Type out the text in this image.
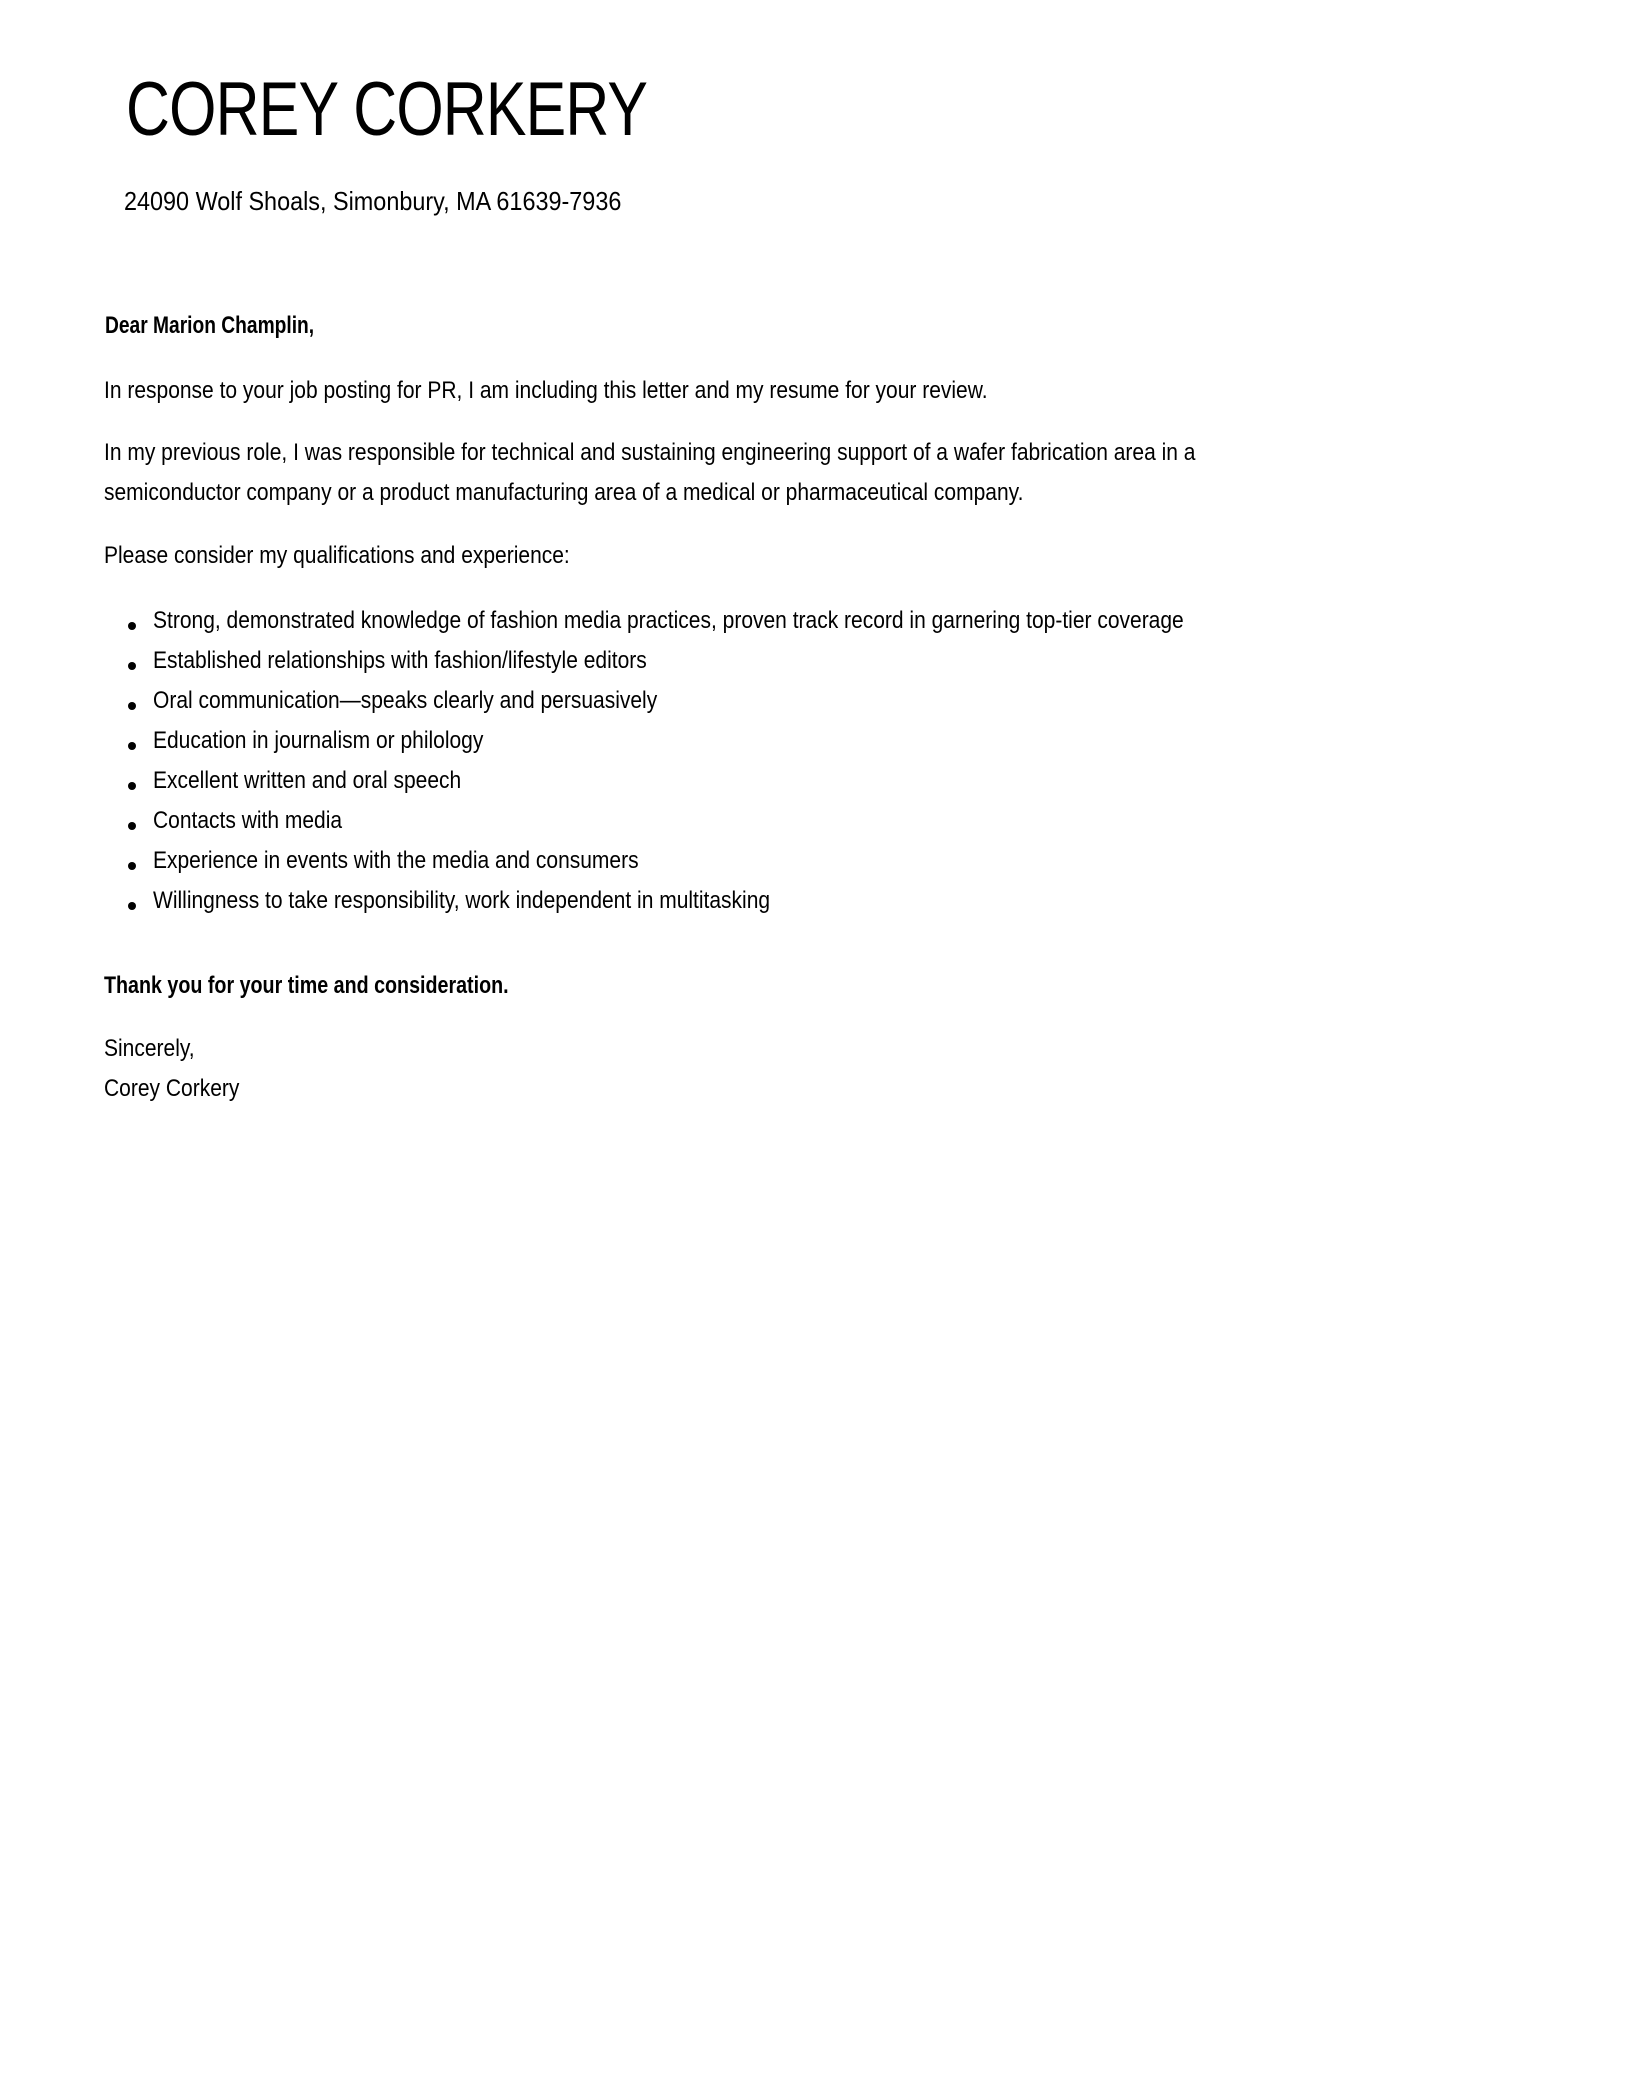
COREY CORKERY
24090 Wolf Shoals, Simonbury, MA 61639-7936
Dear Marion Champlin,
In response to your job posting for PR, I am including this letter and my resume for your review.
In my previous role, I was responsible for technical and sustaining engineering support of a wafer fabrication area in a
semiconductor company or a product manufacturing area of a medical or pharmaceutical company.
Please consider my qualifications and experience:
Strong, demonstrated knowledge of fashion media practices, proven track record in garnering top-tier coverage
Established relationships with fashion/lifestyle editors
Oral communication—speaks clearly and persuasively
Education in journalism or philology
Excellent written and oral speech
Contacts with media
Experience in events with the media and consumers
Willingness to take responsibility, work independent in multitasking
Thank you for your time and consideration.
Sincerely,
Corey Corkery
